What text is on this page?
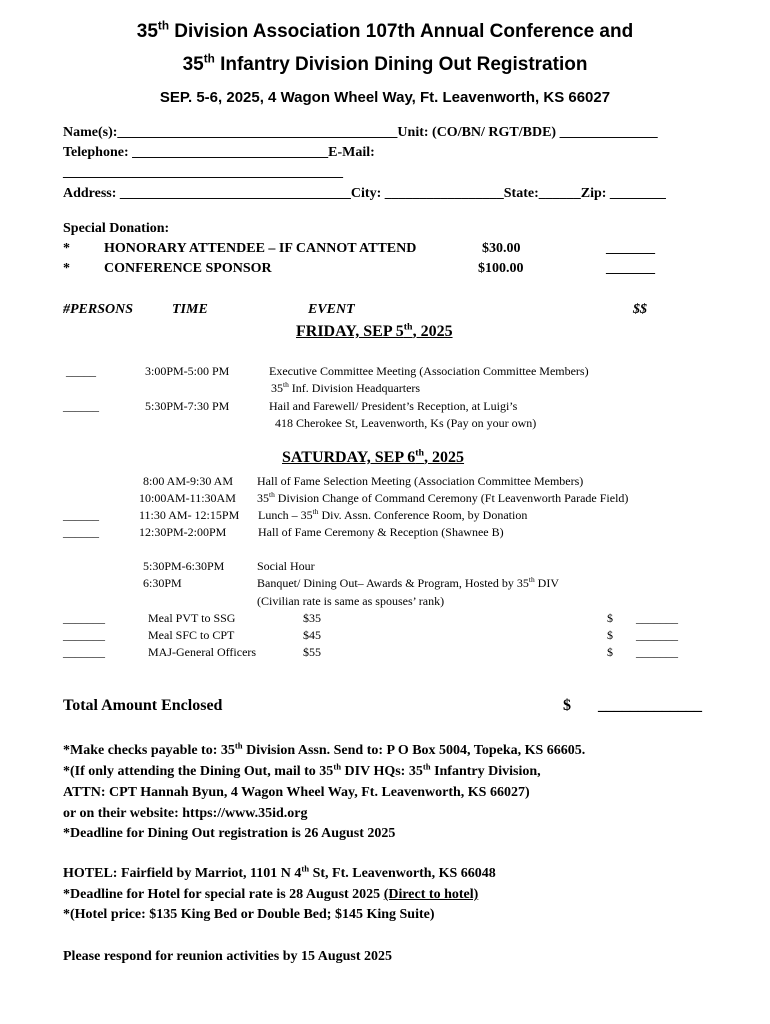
35th Division Association 107th Annual Conference and
35th Infantry Division Dining Out Registration
SEP. 5-6, 2025, 4 Wagon Wheel Way, Ft. Leavenworth, KS 66027
Name(s):________________________________________Unit: (CO/BN/ RGT/BDE) ______________
Telephone: ____________________________E-Mail:
________________________________________
Address: _________________________________City: _________________State:______Zip: ________
Special Donation:
* HONORARY ATTENDEE – IF CANNOT ATTEND	$30.00	_______
* CONFERENCE SPONSOR	$100.00	_______
#PERSONS	TIME	EVENT	$$
FRIDAY, SEP 5th, 2025
_____	3:00PM-5:00 PM	Executive Committee Meeting (Association Committee Members)
35th Inf. Division Headquarters
______	5:30PM-7:30 PM	Hail and Farewell/ President’s Reception, at Luigi’s
418 Cherokee St, Leavenworth, Ks (Pay on your own)
SATURDAY, SEP 6th, 2025
8:00 AM-9:30 AM Hall of Fame Selection Meeting (Association Committee Members)
10:00AM-11:30AM 35th Division Change of Command Ceremony (Ft Leavenworth Parade Field)
______	11:30 AM- 12:15PM Lunch – 35th Div. Assn. Conference Room, by Donation
______	12:30PM-2:00PM	Hall of Fame Ceremony & Reception (Shawnee B)
5:30PM-6:30PM	Social Hour
6:30PM	Banquet/ Dining Out– Awards & Program, Hosted by 35th DIV
(Civilian rate is same as spouses’ rank)
_______	Meal PVT to SSG	$35	$ _______
_______	Meal SFC to CPT	$45	$ _______
_______	MAJ-General Officers	$55	$ _______
Total Amount Enclosed	$ _____________
*Make checks payable to: 35th Division Assn. Send to: P O Box 5004, Topeka, KS 66605.
*(If only attending the Dining Out, mail to 35th DIV HQs: 35th Infantry Division,
ATTN: CPT Hannah Byun, 4 Wagon Wheel Way, Ft. Leavenworth, KS 66027)
or on their website: https://www.35id.org
*Deadline for Dining Out registration is 26 August 2025
HOTEL: Fairfield by Marriot, 1101 N 4th St, Ft. Leavenworth, KS 66048
*Deadline for Hotel for special rate is 28 August 2025 (Direct to hotel)
*(Hotel price: $135 King Bed or Double Bed; $145 King Suite)
Please respond for reunion activities by 15 August 2025
